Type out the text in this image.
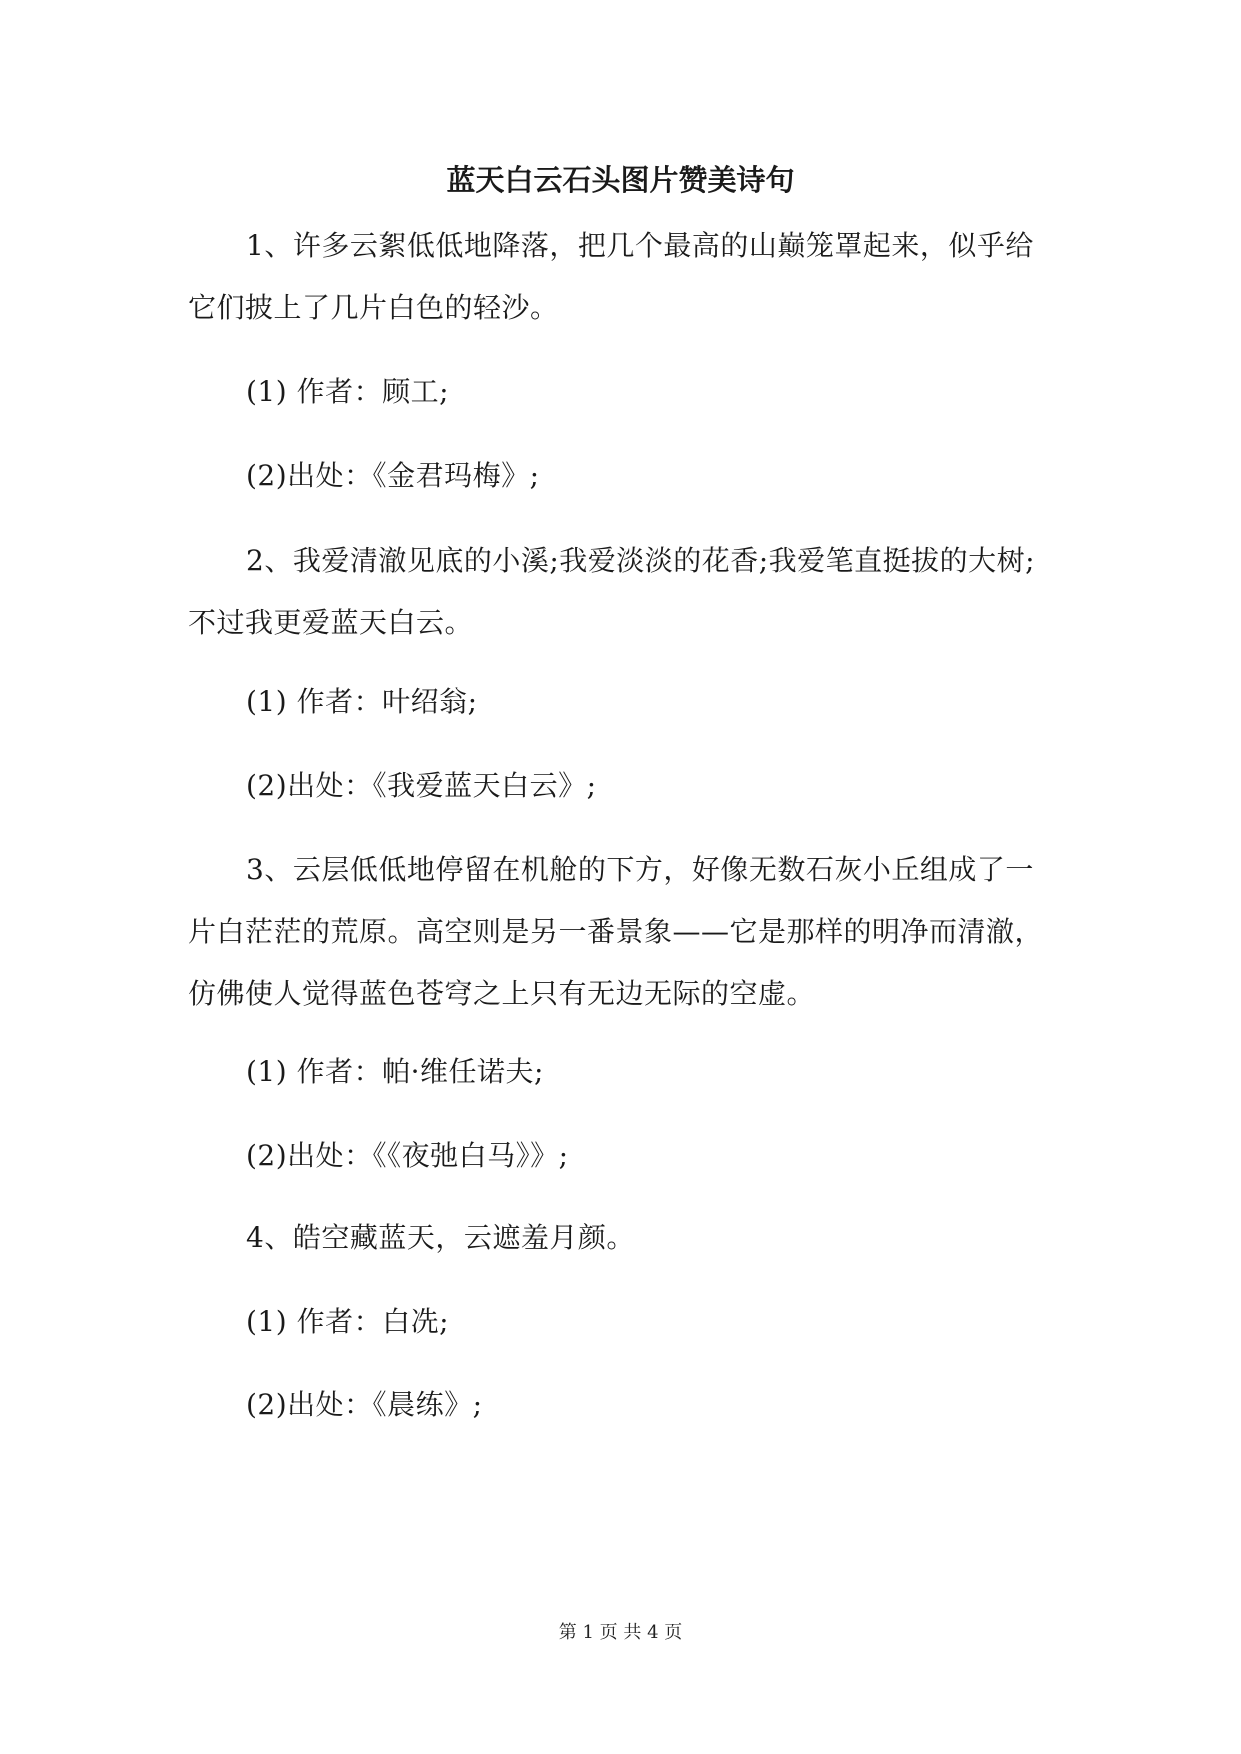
蓝天白云石头图片赞美诗句

1、许多云絮低低地降落，把几个最高的山巅笼罩起来，似乎给它们披上了几片白色的轻沙。

(1) 作者：顾工;

(2)出处：《金君玛梅》;

2、我爱清澈见底的小溪;我爱淡淡的花香;我爱笔直挺拔的大树;不过我更爱蓝天白云。

(1) 作者：叶绍翁;

(2)出处：《我爱蓝天白云》;

3、云层低低地停留在机舱的下方，好像无数石灰小丘组成了一片白茫茫的荒原。高空则是另一番景象——它是那样的明净而清澈，仿佛使人觉得蓝色苍穹之上只有无边无际的空虚。

(1) 作者：帕·维任诺夫;

(2)出处：《《夜弛白马》》;

4、皓空藏蓝天，云遮羞月颜。

(1) 作者：白冼;

(2)出处：《晨练》;

第 1 页 共 4 页
